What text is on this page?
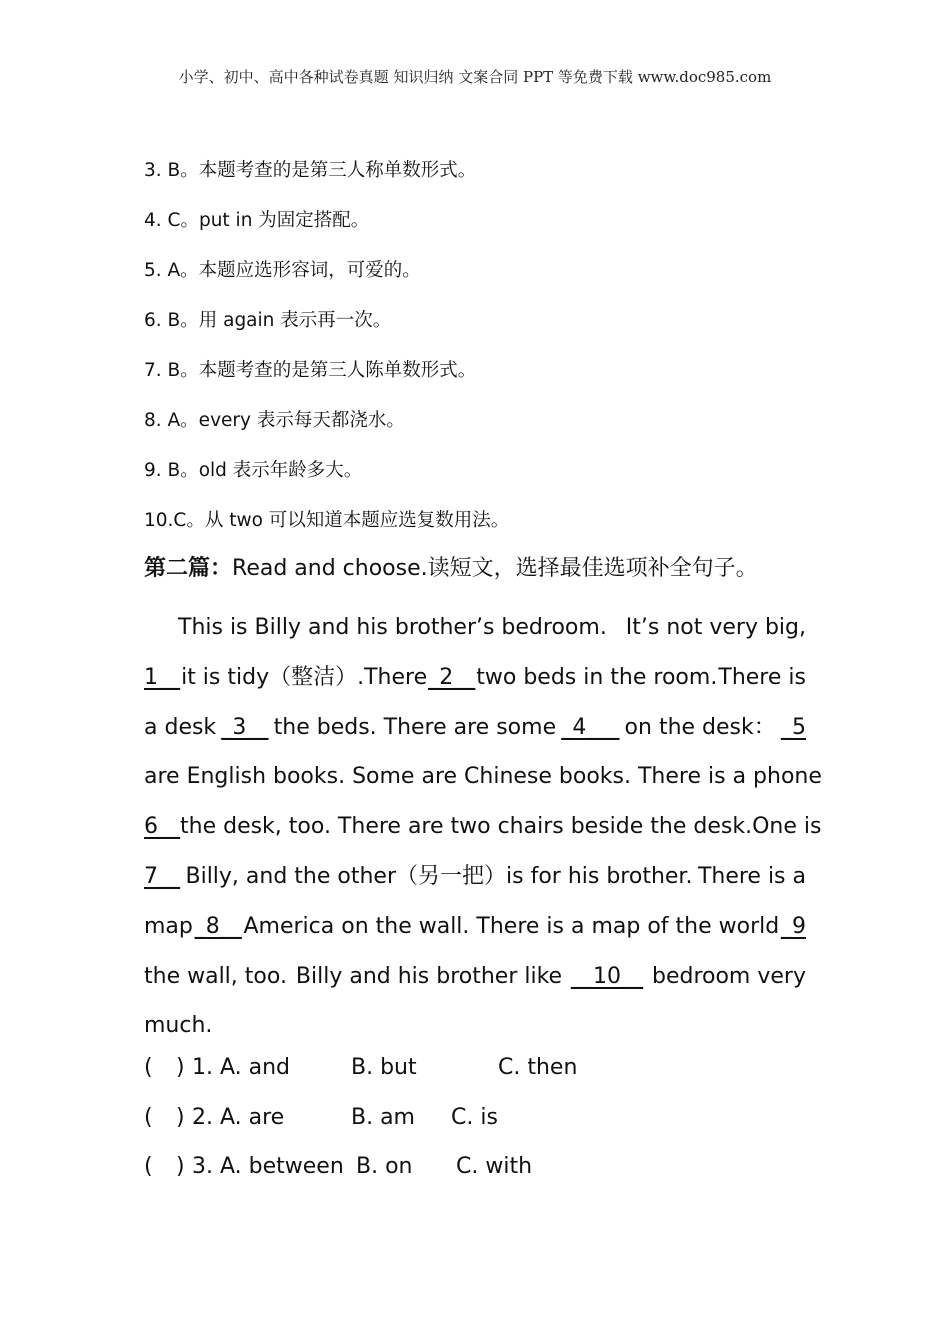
小学、初中、高中各种试卷真题 知识归纳 文案合同 PPT 等免费下载 www.doc985.com
3. B。本题考查的是第三人称单数形式。
4. C。put in 为固定搭配。
5. A。本题应选形容词，可爱的。
6. B。用 again 表示再一次。
7. B。本题考查的是第三人陈单数形式。
8. A。every 表示每天都浇水。
9. B。old 表示年龄多大。
10.C。从 two 可以知道本题应选复数用法。
第二篇：Read and choose.读短文，选择最佳选项补全句子。
This is Billy and his brother’s bedroom. It’s not very big,
1__ it is tidy（整洁）.There _2__ two beds in the room. There is
a desk _3__ the beds. There are some _4___ on the desk： _5
are English books. Some are Chinese books. There is a phone
6__ the desk, too. There are two chairs beside the desk. One is
7__ Billy, and the other（另一把）is for his brother. There is a
map _8__ America on the wall. There is a map of the world _9
the wall, too. Billy and his brother like __10__ bedroom very
much.
( ) 1. A. and	B. but	C. then
( ) 2. A. are	B. am C. is
( ) 3. A. between B. on C. with
